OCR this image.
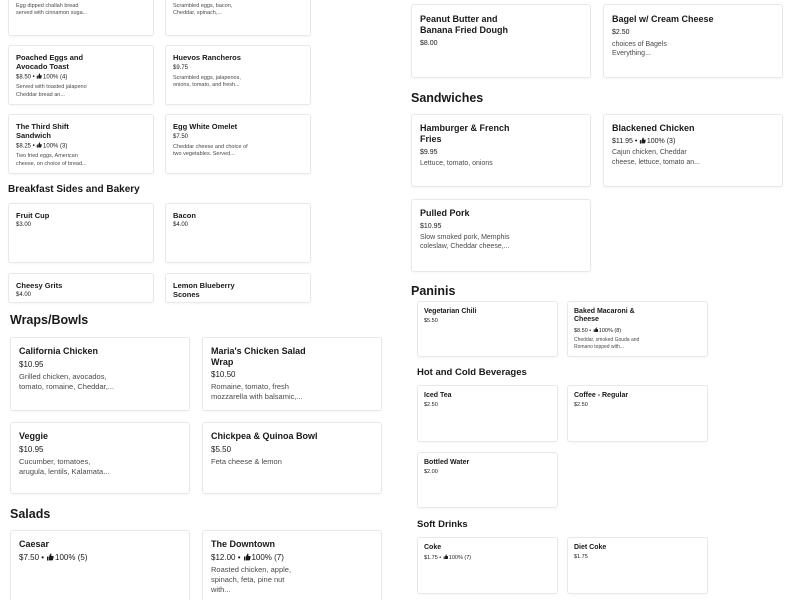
Egg dipped challah bread served with cinnamon suga...
Scrambled eggs, bacon, Cheddar, spinach,...
Poached Eggs and Avocado Toast
$8.50 • 100% (4)
Served with toasted jalapeno Cheddar bread an...
Huevos Rancheros
$9.75
Scrambled eggs, jalapenos, onions, tomato, and fresh...
The Third Shift Sandwich
$8.25 • 100% (3)
Two fried eggs, American cheese, on choice of bread...
Egg White Omelet
$7.50
Cheddar cheese and choice of two vegetables. Served...
Breakfast Sides and Bakery
Fruit Cup
$3.00
Bacon
$4.00
Cheesy Grits
$4.00
Lemon Blueberry Scones
Wraps/Bowls
California Chicken
$10.95
Grilled chicken, avocados, tomato, romaine, Cheddar,...
Maria's Chicken Salad Wrap
$10.50
Romaine, tomato, fresh mozzarella with balsamic,...
Veggie
$10.95
Cucumber, tomatoes, arugula, lentils, Kalamata...
Chickpea & Quinoa Bowl
$5.50
Feta cheese & lemon
Salads
Caesar
$7.50 • 100% (5)
The Downtown
$12.00 • 100% (7)
Roasted chicken, apple, spinach, feta, pine nut with...
Peanut Butter and Banana Fried Dough
$8.00
Bagel w/ Cream Cheese
$2.50
choices of Bagels Everything...
Sandwiches
Hamburger & French Fries
$9.95
Lettuce, tomato, onions
Blackened Chicken
$11.95 • 100% (3)
Cajun chicken, Cheddar cheese, lettuce, tomato an...
Pulled Pork
$10.95
Slow smoked pork, Memphis coleslaw, Cheddar cheese,...
Paninis
Vegetarian Chili
$5.50
Baked Macaroni & Cheese
$8.50 • 100% (8)
Cheddar, smoked Gouda and Romano topped with...
Hot and Cold Beverages
Iced Tea
$2.50
Coffee - Regular
$2.50
Bottled Water
$2.00
Soft Drinks
Coke
$1.75 • 100% (7)
Diet Coke
$1.75
